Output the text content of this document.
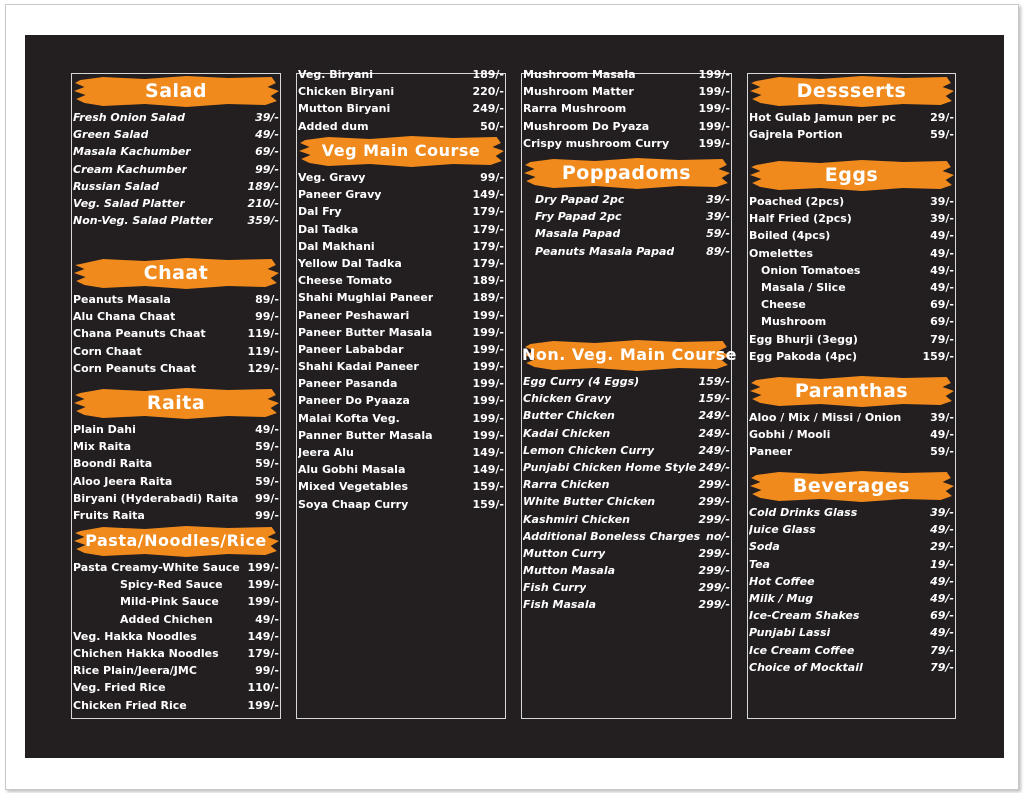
Salad
Fresh Onion Salad	39/-
Green Salad	49/-
Masala Kachumber	69/-
Cream Kachumber	99/-
Russian Salad	189/-
Veg. Salad Platter	210/-
Non-Veg. Salad Platter	359/-
Chaat
Peanuts Masala	89/-
Alu Chana Chaat	99/-
Chana Peanuts Chaat	119/-
Corn Chaat	119/-
Corn Peanuts Chaat	129/-
Raita
Plain Dahi	49/-
Mix Raita	59/-
Boondi Raita	59/-
Aloo Jeera Raita	59/-
Biryani (Hyderabadi) Raita 99/-
Fruits Raita	99/-
Pasta/Noodles/Rice
Pasta Creamy-White Sauce 199/-
Spicy-Red Sauce 199/-
Mild-Pink Sauce	199/-
Added Chichen	49/-
Veg. Hakka Noodles	149/-
Chichen Hakka Noodles	179/-
Rice Plain/Jeera/JMC	99/-
Veg. Fried Rice	110/-
Chicken Fried Rice	199/-
Veg. Biryani	189/-
Chicken Biryani	220/-
Mutton Biryani	249/-
Added dum	50/-
Veg Main Course
Veg. Gravy	99/-
Paneer Gravy	149/-
Dal Fry	179/-
Dal Tadka	179/-
Dal Makhani	179/-
Yellow Dal Tadka	179/-
Cheese Tomato	189/-
Shahi Mughlai Paneer	189/-
Paneer Peshawari	199/-
Paneer Butter Masala	199/-
Paneer Lababdar	199/-
Shahi Kadai Paneer	199/-
Paneer Pasanda	199/-
Paneer Do Pyaaza	199/-
Malai Kofta Veg.	199/-
Panner Butter Masala	199/-
Jeera Alu	149/-
Alu Gobhi Masala	149/-
Mixed Vegetables	159/-
Soya Chaap Curry	159/-
Mushroom Masala	199/-
Mushroom Matter	199/-
Rarra Mushroom	199/-
Mushroom Do Pyaza	199/-
Crispy mushroom Curry	199/-
Poppadoms
Dry Papad 2pc	39/-
Fry Papad 2pc	39/-
Masala Papad	59/-
Peanuts Masala Papad	89/-
Non. Veg. Main Course
Egg Curry (4 Eggs)	159/-
Chicken Gravy	159/-
Butter Chicken	249/-
Kadai Chicken	249/-
Lemon Chicken Curry	249/-
Punjabi Chicken Home Style 249/-
Rarra Chicken	299/-
White Butter Chicken	299/-
Kashmiri Chicken	299/-
Additional Boneless Charges no/-
Mutton Curry	299/-
Mutton Masala	299/-
Fish Curry	299/-
Fish Masala	299/-
Dessserts
Hot Gulab Jamun per pc	29/-
Gajrela Portion	59/-
Eggs
Poached (2pcs)	39/-
Half Fried (2pcs)	39/-
Boiled (4pcs)	49/-
Omelettes	49/-
Onion Tomatoes	49/-
Masala / Slice	49/-
Cheese	69/-
Mushroom	69/-
Egg Bhurji (3egg)	79/-
Egg Pakoda (4pc)	159/-
Paranthas
Aloo / Mix / Missi / Onion	39/-
Gobhi / Mooli	49/-
Paneer	59/-
Beverages
Cold Drinks Glass	39/-
Juice Glass	49/-
Soda	29/-
Tea	19/-
Hot Coffee	49/-
Milk / Mug	49/-
Ice-Cream Shakes	69/-
Punjabi Lassi	49/-
Ice Cream Coffee	79/-
Choice of Mocktail	79/-
